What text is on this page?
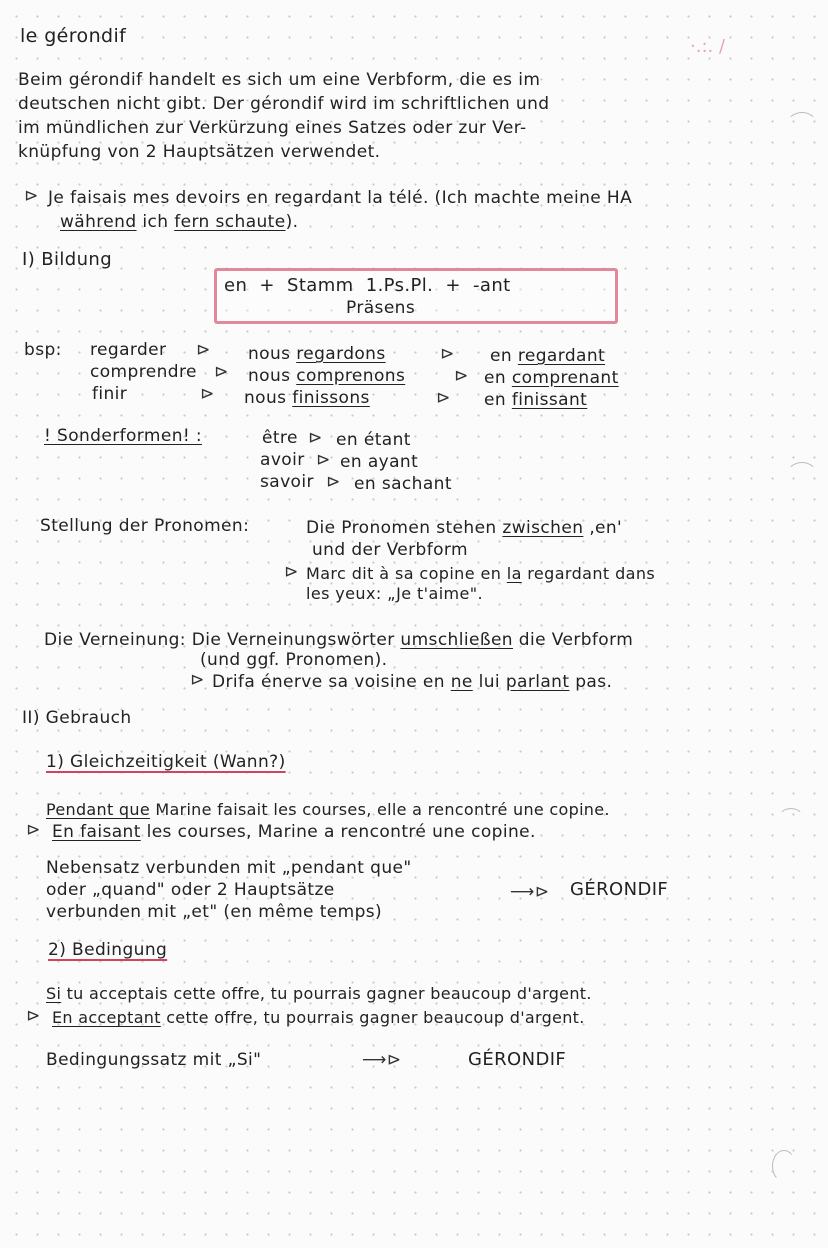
·.:. /
le gérondif
Beim gérondif handelt es sich um eine Verbform, die es im
deutschen nicht gibt. Der gérondif wird im schriftlichen und
im mündlichen zur Verkürzung eines Satzes oder zur Ver-
knüpfung von 2 Hauptsätzen verwendet.
⊳ Je faisais mes devoirs en regardant la télé. (Ich machte meine HA
während ich fern schaute).
I) Bildung
en + Stamm 1.Ps.Pl. + -ant
Präsens
bsp: regarder ⊳ nous regardons	⊳ en regardant
comprendre ⊳ nous comprenons	⊳ en comprenant
finir	⊳ nous finissons	⊳ en finissant
! Sonderformen! :	être ⊳ en étant
avoir ⊳ en ayant
savoir ⊳ en sachant
Stellung der Pronomen:	Die Pronomen stehen zwischen ‚en'
und der Verbform
⊳ Marc dit à sa copine en la regardant dans
les yeux: „Je t'aime".
Die Verneinung: Die Verneinungswörter umschließen die Verbform
(und ggf. Pronomen).
⊳ Drifa énerve sa voisine en ne lui parlant pas.
II) Gebrauch
1) Gleichzeitigkeit (Wann?)
Pendant que Marine faisait les courses, elle a rencontré une copine.
⊳ En faisant les courses, Marine a rencontré une copine.
Nebensatz verbunden mit „pendant que"
oder „quand" oder 2 Hauptsätze
verbunden mit „et" (en même temps)
⟶⊳ GÉRONDIF
2) Bedingung
Si tu acceptais cette offre, tu pourrais gagner beaucoup d'argent.
⊳ En acceptant cette offre, tu pourrais gagner beaucoup d'argent.
Bedingungssatz mit „Si"	⟶⊳	GÉRONDIF
